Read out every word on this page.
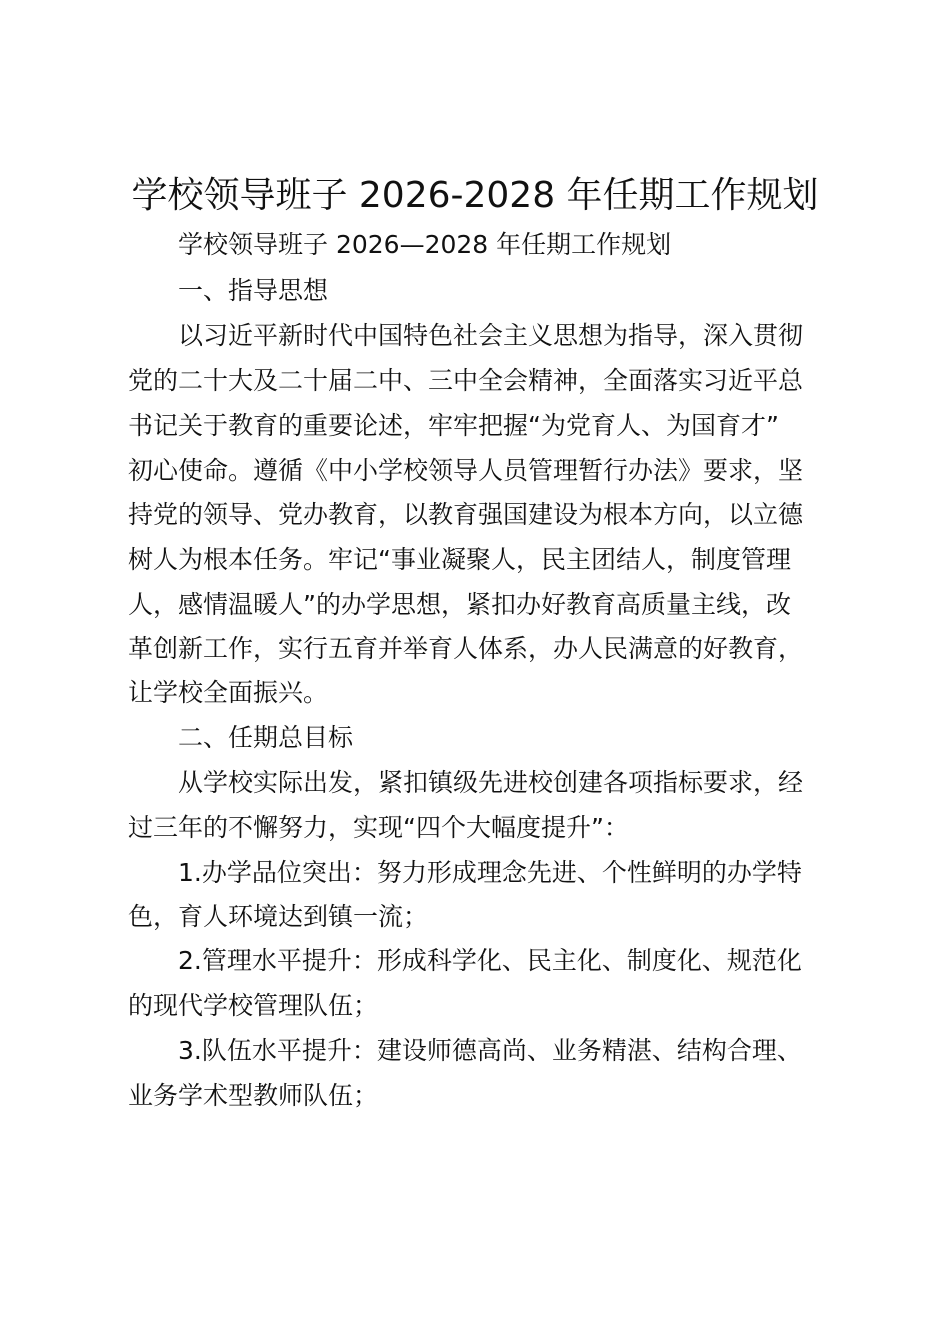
学校领导班子 2026-2028 年任期工作规划
学校领导班子 2026—2028 年任期工作规划
一、指导思想
以习近平新时代中国特色社会主义思想为指导，深入贯彻
党的二十大及二十届二中、三中全会精神，全面落实习近平总
书记关于教育的重要论述，牢牢把握“为党育人、为国育才”
初心使命。遵循《中小学校领导人员管理暂行办法》要求，坚
持党的领导、党办教育，以教育强国建设为根本方向，以立德
树人为根本任务。牢记“事业凝聚人，民主团结人，制度管理
人，感情温暖人”的办学思想，紧扣办好教育高质量主线，改
革创新工作，实行五育并举育人体系，办人民满意的好教育，
让学校全面振兴。
二、任期总目标
从学校实际出发，紧扣镇级先进校创建各项指标要求，经
过三年的不懈努力，实现“四个大幅度提升”：
1.办学品位突出：努力形成理念先进、个性鲜明的办学特
色，育人环境达到镇一流；
2.管理水平提升：形成科学化、民主化、制度化、规范化
的现代学校管理队伍；
3.队伍水平提升：建设师德高尚、业务精湛、结构合理、
业务学术型教师队伍；
